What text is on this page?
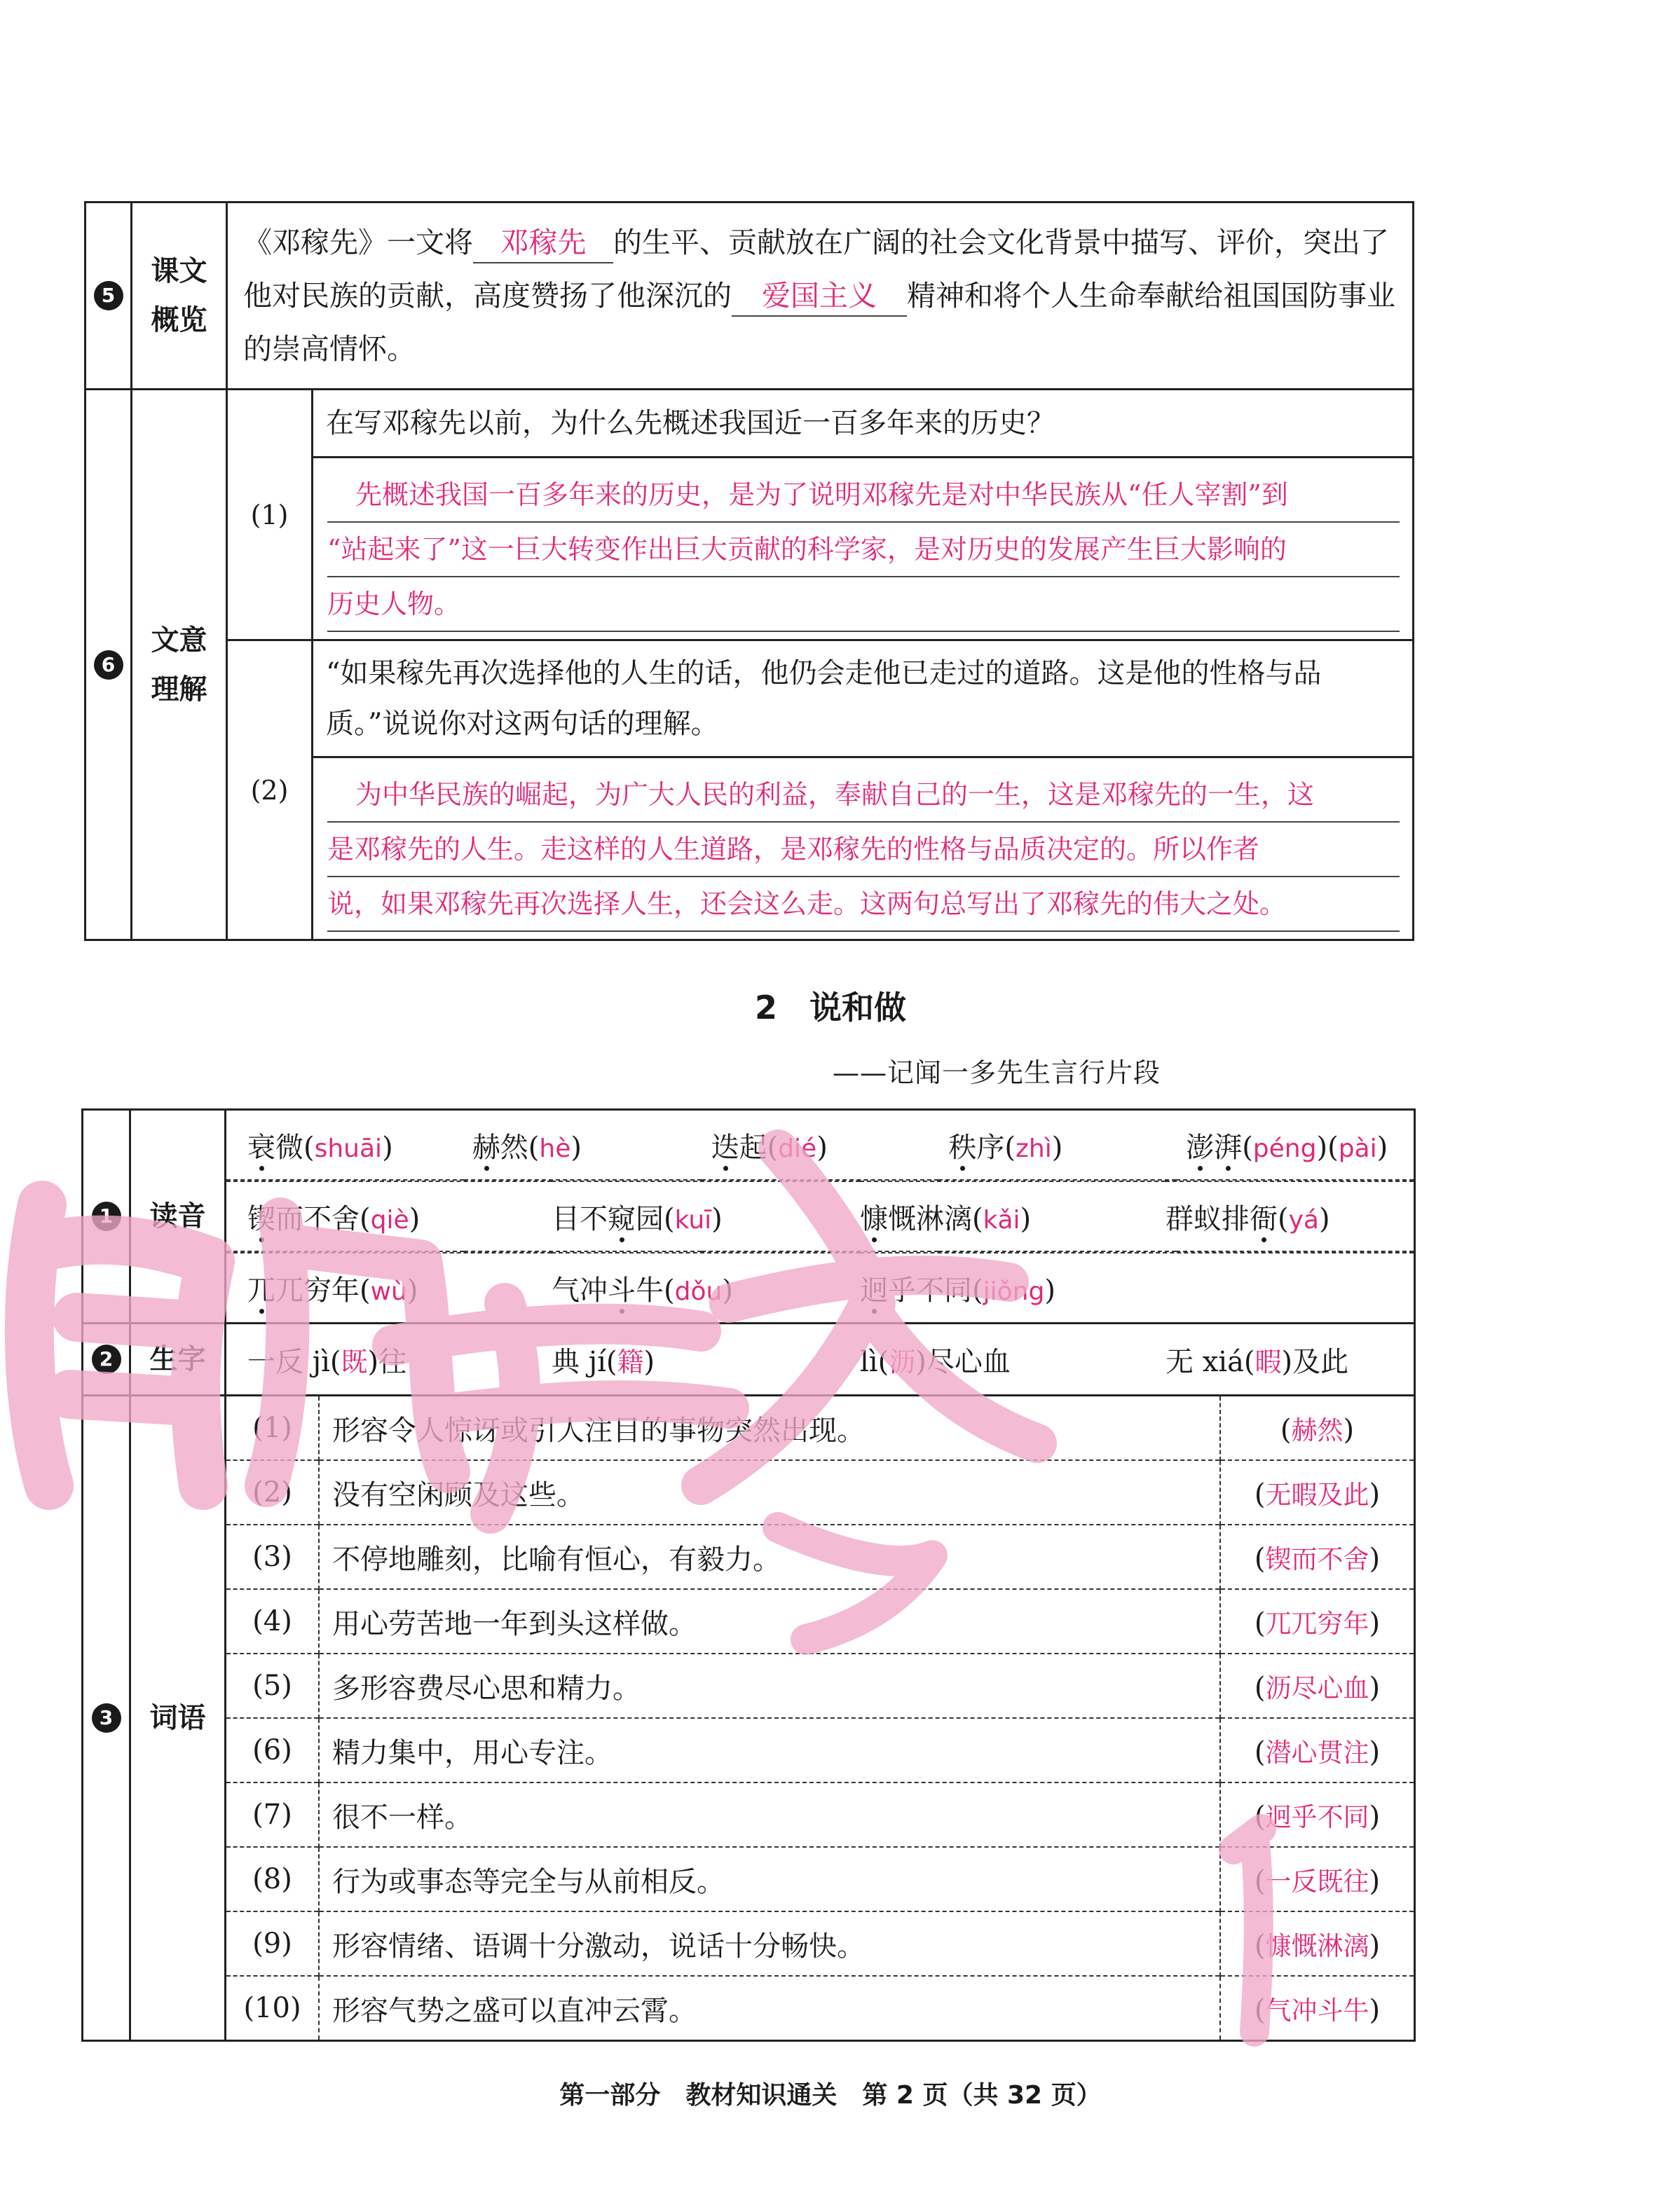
5	课文
概览	《邓稼先》一文将 邓稼先 的生平、贡献放在广阔的社会文化背景中描写、评价，突出了他对民族的贡献，高度赞扬了他深沉的 爱国主义 精神和将个人生命奉献给祖国国防事业的崇高情怀。	
6	文意
理解	(1)	在写邓稼先以前，为什么先概述我国近一百多年来的历史？

			先概述我国一百多年来的历史，是为了说明邓稼先是对中华民族从“任人宰割”到
“站起来了”这一巨大转变作出巨大贡献的科学家，是对历史的发展产生巨大影响的
历史人物。

		(2)	“如果稼先再次选择他的人生的话，他仍会走他已走过的道路。这是他的性格与品
质。”说说你对这两句话的理解。

			为中华民族的崛起，为广大人民的利益，奉献自己的一生，这是邓稼先的一生，这
是邓稼先的人生。走这样的人生道路，是邓稼先的性格与品质决定的。所以作者
说，如果邓稼先再次选择人生，还会这么走。这两句总写出了邓稼先的伟大之处。
2　说和做
——记闻一多先生言行片段
1	读音	
衰微(shuāi)	赫然(hè)	迭起(dié)	秩序(zhì)	澎湃(péng)(pài)

锲而不舍(qiè)	目不窥园(kuī)	慷慨淋漓(kǎi)	群蚁排衙(yá)

兀兀穷年(wù)	气冲斗牛(dǒu)	迥乎不同(jiǒng)

2	生字	一反 jì(既)往	典 jí(籍)	lì(沥)尽心血	无 xiá(暇)及此

3	词语	
(1)	形容令人惊讶或引人注目的事物突然出现。	(赫然)
(2)	没有空闲顾及这些。	(无暇及此)
(3)	不停地雕刻，比喻有恒心，有毅力。	(锲而不舍)
(4)	用心劳苦地一年到头这样做。	(兀兀穷年)
(5)	多形容费尽心思和精力。	(沥尽心血)
(6)	精力集中，用心专注。	(潜心贯注)
(7)	很不一样。	(迥乎不同)
(8)	行为或事态等完全与从前相反。	(一反既往)
(9)	形容情绪、语调十分激动，说话十分畅快。	(慷慨淋漓)
(10)	形容气势之盛可以直冲云霄。	(气冲斗牛)
第一部分　教材知识通关　第 2 页（共 32 页）
